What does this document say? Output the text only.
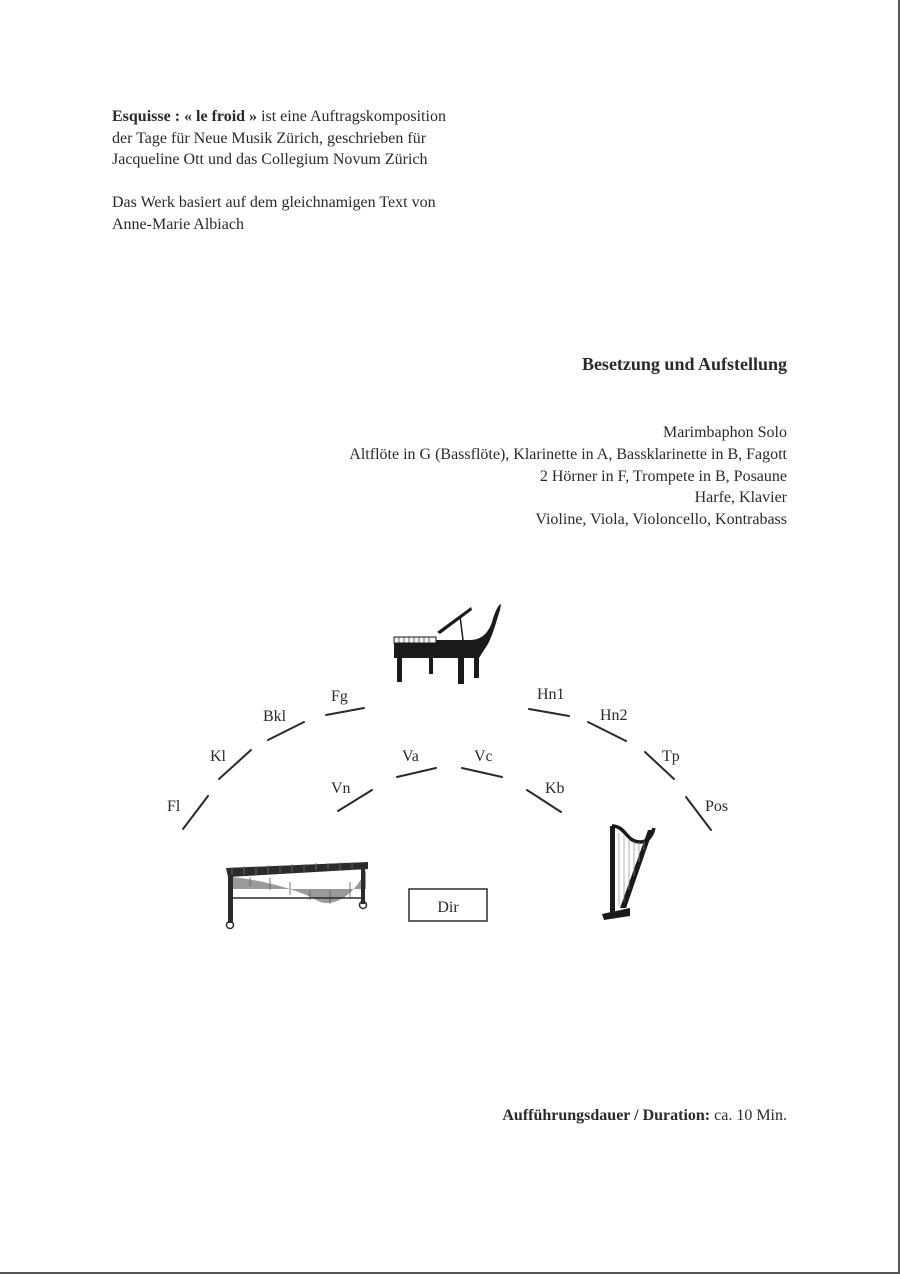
Esquisse : « le froid » ist eine Auftragskomposition
der Tage für Neue Musik Zürich, geschrieben für
Jacqueline Ott und das Collegium Novum Zürich

Das Werk basiert auf dem gleichnamigen Text von
Anne-Marie Albiach

Besetzung und Aufstellung
Marimbaphon Solo
Altflöte in G (Bassflöte), Klarinette in A, Bassklarinette in B, Fagott
2 Hörner in F, Trompete in B, Posaune
Harfe, Klavier
Violine, Viola, Violoncello, Kontrabass
Fl
Kl
Bkl
Fg
Vn
Va	Vc
Kb
Hn1
Hn2
Tp
Pos
Dir
Aufführungsdauer / Duration: ca. 10 Min.
